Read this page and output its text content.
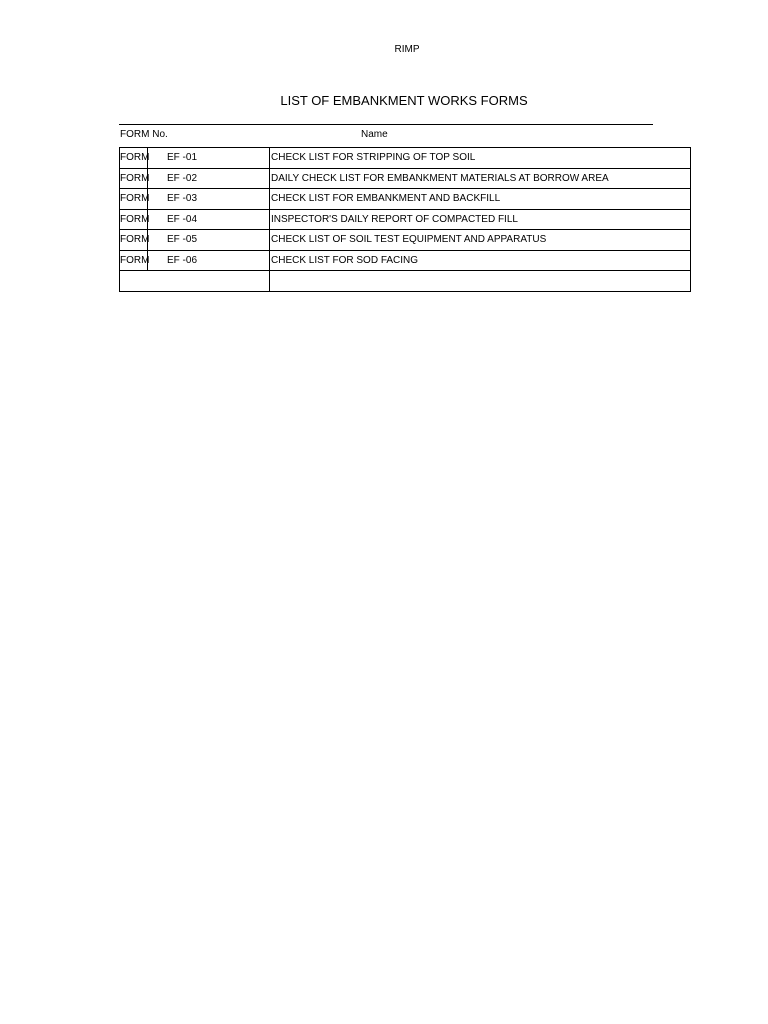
RIMP
LIST OF EMBANKMENT WORKS FORMS
FORM No.	Name
FORM EF -01	CHECK LIST FOR STRIPPING OF TOP SOIL

FORM EF -02	DAILY CHECK LIST FOR EMBANKMENT MATERIALS AT BORROW AREA

FORM EF -03	CHECK LIST FOR EMBANKMENT AND BACKFILL

FORM EF -04	INSPECTOR'S DAILY REPORT OF COMPACTED FILL

FORM EF -05	CHECK LIST OF SOIL TEST EQUIPMENT AND APPARATUS

FORM EF -06	CHECK LIST FOR SOD FACING
